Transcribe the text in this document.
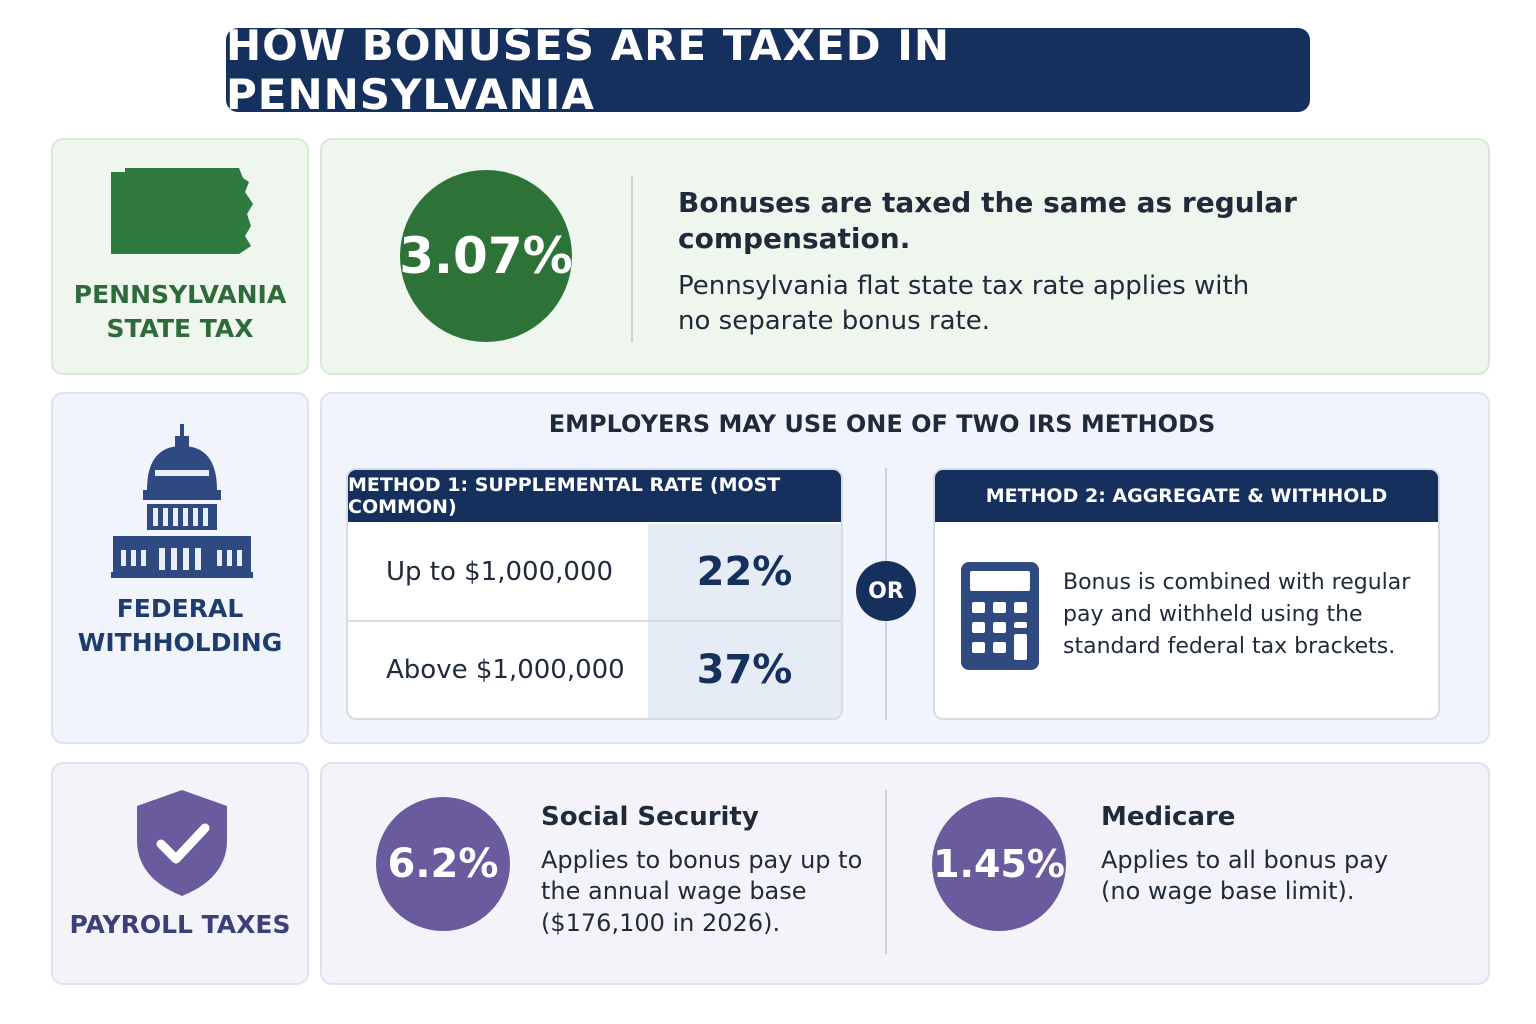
HOW BONUSES ARE TAXED IN PENNSYLVANIA
PENNSYLVANIA
STATE TAX
3.07%
Bonuses are taxed the same as regular
compensation.
Pennsylvania flat state tax rate applies with
no separate bonus rate.
FEDERAL
WITHHOLDING
EMPLOYERS MAY USE ONE OF TWO IRS METHODS
METHOD 1: SUPPLEMENTAL RATE (MOST COMMON)
Up to $1,000,000	22%
Above $1,000,000	37%
OR
METHOD 2: AGGREGATE & WITHHOLD
Bonus is combined with regular
pay and withheld using the
standard federal tax brackets.
PAYROLL TAXES
6.2%
Social Security
Applies to bonus pay up to
the annual wage base
($176,100 in 2026).
1.45%
Medicare
Applies to all bonus pay
(no wage base limit).
